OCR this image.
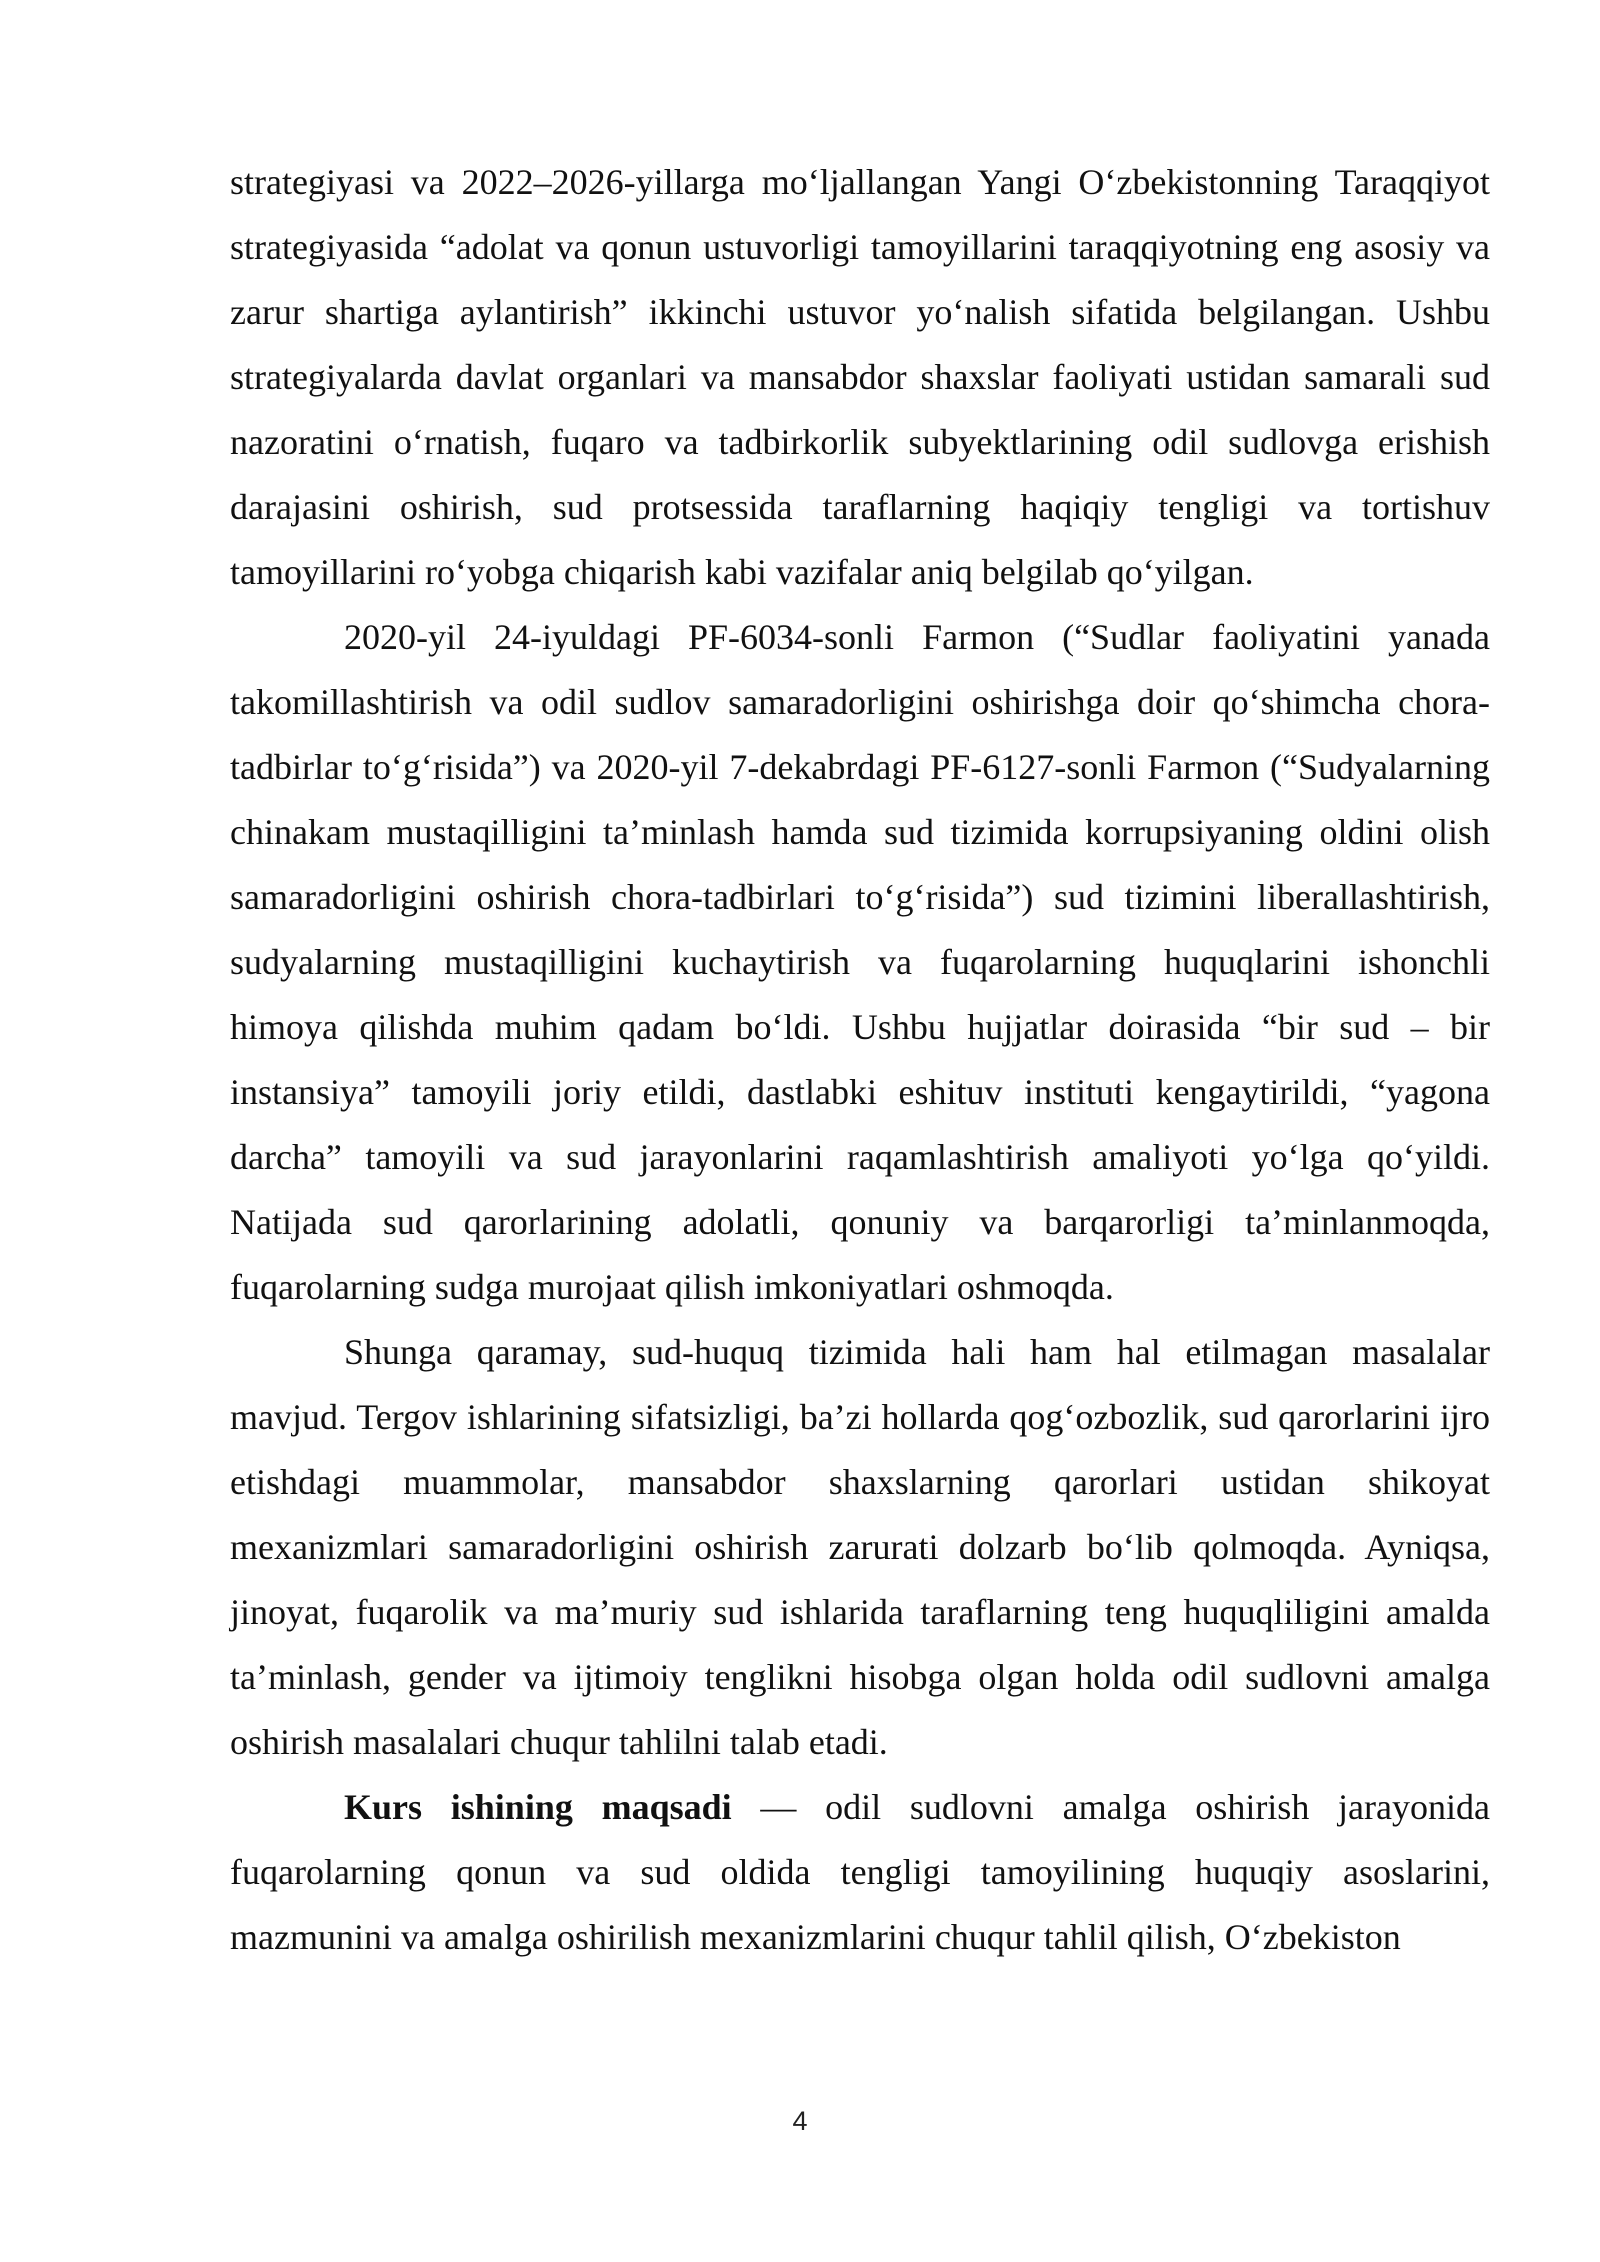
strategiyasi va 2022–2026-yillarga mo‘ljallangan Yangi O‘zbekistonning Taraqqiyot strategiyasida “adolat va qonun ustuvorligi tamoyillarini taraqqiyotning eng asosiy va zarur shartiga aylantirish” ikkinchi ustuvor yo‘nalish sifatida belgilangan. Ushbu strategiyalarda davlat organlari va mansabdor shaxslar faoliyati ustidan samarali sud nazoratini o‘rnatish, fuqaro va tadbirkorlik subyektlarining odil sudlovga erishish darajasini oshirish, sud protsessida taraflarning haqiqiy tengligi va tortishuv tamoyillarini ro‘yobga chiqarish kabi vazifalar aniq belgilab qo‘yilgan.

2020-yil 24-iyuldagi PF-6034-sonli Farmon (“Sudlar faoliyatini yanada takomillashtirish va odil sudlov samaradorligini oshirishga doir qo‘shimcha chora-tadbirlar to‘g‘risida”) va 2020-yil 7-dekabrdagi PF-6127-sonli Farmon (“Sudyalarning chinakam mustaqilligini ta’minlash hamda sud tizimida korrupsiyaning oldini olish samaradorligini oshirish chora-tadbirlari to‘g‘risida”) sud tizimini liberallashtirish, sudyalarning mustaqilligini kuchaytirish va fuqarolarning huquqlarini ishonchli himoya qilishda muhim qadam bo‘ldi. Ushbu hujjatlar doirasida “bir sud – bir instansiya” tamoyili joriy etildi, dastlabki eshituv instituti kengaytirildi, “yagona darcha” tamoyili va sud jarayonlarini raqamlashtirish amaliyoti yo‘lga qo‘yildi. Natijada sud qarorlarining adolatli, qonuniy va barqarorligi ta’minlanmoqda, fuqarolarning sudga murojaat qilish imkoniyatlari oshmoqda.

Shunga qaramay, sud-huquq tizimida hali ham hal etilmagan masalalar mavjud. Tergov ishlarining sifatsizligi, ba’zi hollarda qog‘ozbozlik, sud qarorlarini ijro etishdagi muammolar, mansabdor shaxslarning qarorlari ustidan shikoyat mexanizmlari samaradorligini oshirish zarurati dolzarb bo‘lib qolmoqda. Ayniqsa, jinoyat, fuqarolik va ma’muriy sud ishlarida taraflarning teng huquqliligini amalda ta’minlash, gender va ijtimoiy tenglikni hisobga olgan holda odil sudlovni amalga oshirish masalalari chuqur tahlilni talab etadi.

Kurs ishining maqsadi — odil sudlovni amalga oshirish jarayonida fuqarolarning qonun va sud oldida tengligi tamoyilining huquqiy asoslarini, mazmunini va amalga oshirilish mexanizmlarini chuqur tahlil qilish, O‘zbekiston

4
